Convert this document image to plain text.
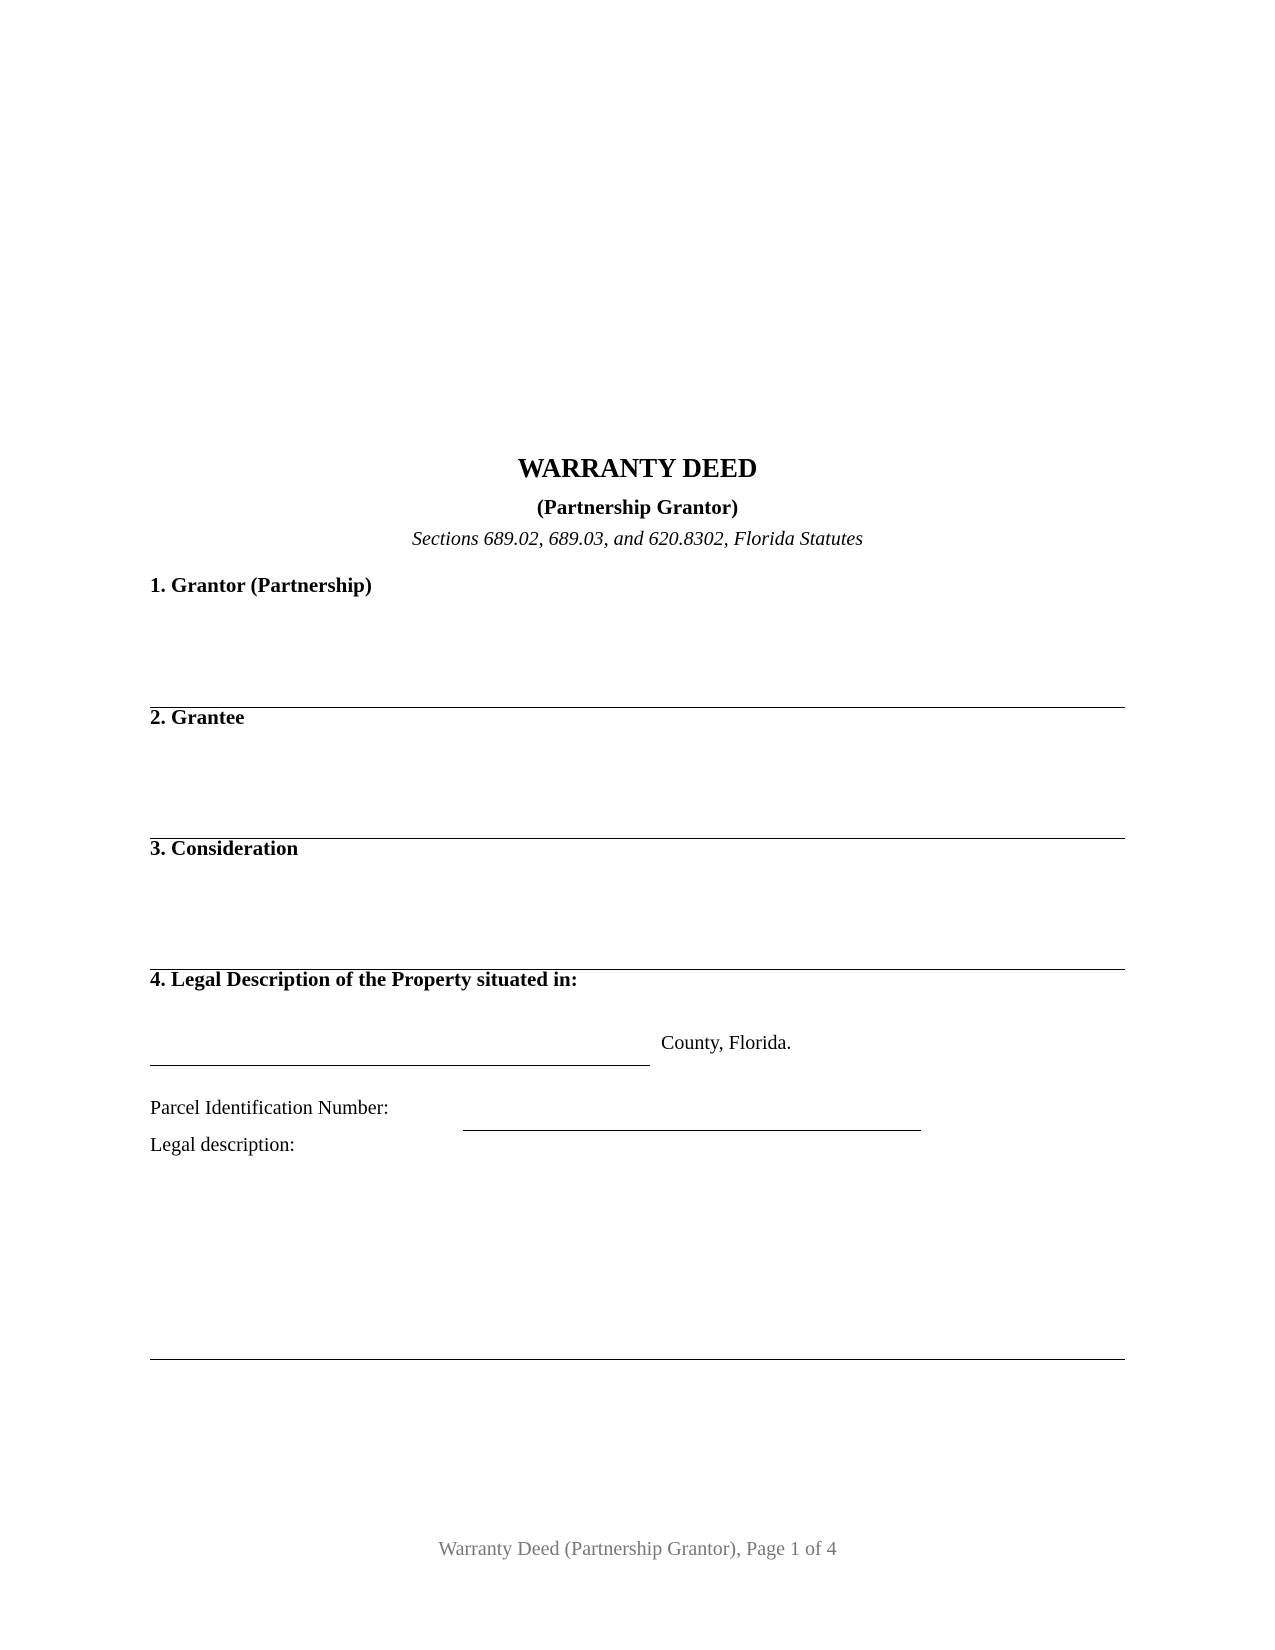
WARRANTY DEED
(Partnership Grantor)
Sections 689.02, 689.03, and 620.8302, Florida Statutes
1. Grantor (Partnership)
2. Grantee
3. Consideration
4. Legal Description of the Property situated in:
County, Florida.
Parcel Identification Number:
Legal description:
Warranty Deed (Partnership Grantor), Page 1 of 4
